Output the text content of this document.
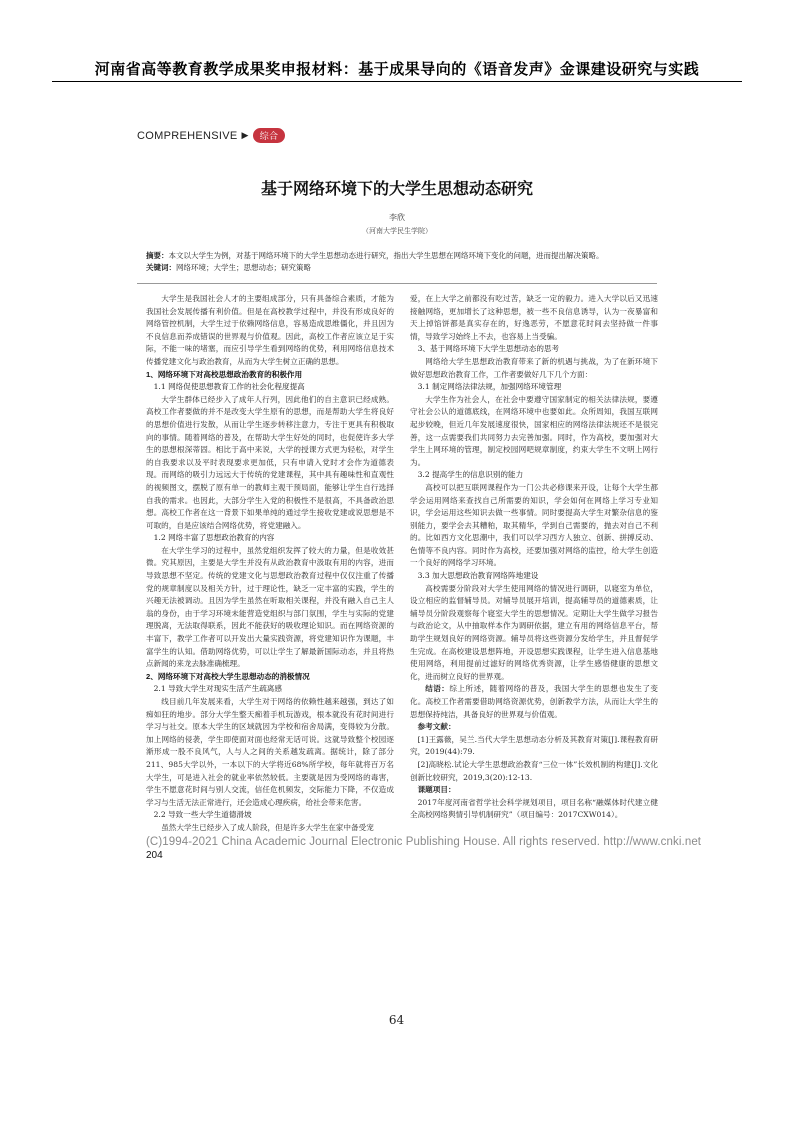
河南省高等教育教学成果奖申报材料：基于成果导向的《语音发声》金课建设研究与实践
COMPREHENSIVE ▶	综合
基于网络环境下的大学生思想动态研究
李欣
（河南大学民生学院）
摘要：本文以大学生为例，对基于网络环境下的大学生思想动态进行研究，指出大学生思想在网络环境下变化的问题，进而提出解决策略。
关键词：网络环境；大学生；思想动态；研究策略

大学生是我国社会人才的主要组成部分，只有具备综合素质，才能为我国社会发展传播有利价值。但是在高校教学过程中，并没有形成良好的网络管控机制，大学生过于依赖网络信息，容易造成思维僵化，并且因为不良信息而养成错误的世界观与价值观。因此，高校工作者应该立足于实际，不能一味的堵塞，而应引导学生看到网络的优势，利用网络信息技术传播党建文化与政治教育，从而为大学生树立正确的思想。

1、网络环境下对高校思想政治教育的积极作用

1.1 网络促使思想教育工作的社会化程度提高

大学生群体已经步入了成年人行列，因此他们的自主意识已经成熟。高校工作者要做的并不是改变大学生原有的思想，而是帮助大学生将良好的思想价值进行发散，从而让学生逐步转移注意力，专注于更具有积极取向的事情。随着网络的普及，在帮助大学生好处的同时，也促使许多大学生的思想根深蒂固。相比于高中来说，大学的授课方式更为轻松，对学生的自我要求以及平时表现要求更加低，只有申请入党时才会作为道德表现。而网络的吸引力远远大于传统的党建课程，其中具有趣味性和直观性的视频图文，摆脱了原有单一的教师主观干预局面，能够让学生自行选择自我的需求。也因此，大部分学生入党的积极性不是很高，不具备政治思想。高校工作者在这一背景下如果单纯的通过学生接收党建或说思想是不可取的，自是应该结合网络优势，将党建融入。

1.2 网络丰富了思想政治教育的内容

在大学生学习的过程中，虽然党组织发挥了较大的力量，但是收效甚微。究其原因，主要是大学生并没有从政治教育中汲取有用的内容，进而导致思想不坚定。传统的党建文化与思想政治教育过程中仅仅注重了传播党的规章制度以及相关方针，过于理论性，缺乏一定丰富的实践，学生的兴趣无法被调动。且因为学生虽然在听取相关课程，并没有融入自己主人翁的身份，由于学习环境未能营造党组织与部门氛围，学生与实际的党建理脱离，无法取得联系，因此不能获好的吸收理论知识。而在网络资源的丰富下，教学工作者可以开发出大量实践资源，将党建知识作为课题，丰富学生的认知。借助网络优势，可以让学生了解最新国际动态，并且将热点新闻的来龙去脉准确梳理。

2、网络环境下对高校大学生思想动态的消极情况

2.1 导致大学生对现实生活产生疏离感

线目前几年发展来看，大学生对于网络的依赖性越来越强，到达了如痴如狂的地步。部分大学生整天痴着手机玩游戏，根本就没有花时间进行学习与社交。原本大学生的区域就因为学校和宿舍局满，变得较为分散。加上网络的侵袭，学生即使面对面也经常无话可说。这就导致整个校园逐渐形成一股不良风气，人与人之间的关系越发疏离。据统计，除了部分211、985大学以外，一本以下的大学将近68%所学校，每年就将百万名大学生，可是进入社会的就业率依然较低。主要就是因为受网络的毒害，学生不愿意花时间与别人交流，信任危机频发，交际能力下降，不仅造成学习与生活无法正常进行，还会造成心理疾病，给社会带来危害。

2.2 导致一些大学生道德滑坡

虽然大学生已经步入了成人阶段，但是许多大学生在家中备受宠

爱，在上大学之前都没有吃过苦，缺乏一定的毅力。进入大学以后又迅速接触网络，更加增长了这种思想，被一些不良信息诱导，认为一夜暴富和天上掉馅饼都是真实存在的，好逸恶劳，不愿意花时间去坚持做一件事情，导致学习始终上不去，也容易上当受骗。

3、基于网络环境下大学生思想动态的思考

网络给大学生思想政治教育带来了新的机遇与挑战，为了在新环境下做好思想政治教育工作，工作者要做好几下几个方面：

3.1 制定网络法律法规，加强网络环境管理

大学生作为社会人，在社会中要遵守国家制定的相关法律法规，要遵守社会公认的道德底线，在网络环境中也要如此。众所周知，我国互联网起步较晚，但近几年发展速度很快，国家相应的网络法律法规还不是很完善，这一点需要我们共同努力去完善加强。同时，作为高校，要加强对大学生上网环境的管理，制定校园网吧规章制度，约束大学生不文明上网行为。

3.2 提高学生的信息识别的能力

高校可以把互联网课程作为一门公共必修课来开设，让每个大学生都学会运用网络来查找自己所需要的知识，学会如何在网络上学习专业知识，学会运用这些知识去做一些事情。同时要提高大学生对繁杂信息的鉴别能力，要学会去其糟粕，取其精华，学到自己需要的，抛去对自己不利的。比如西方文化思潮中，我们可以学习西方人独立、创新、拼搏反动、色情等不良内容。同时作为高校，还要加强对网络的监控，给大学生创造一个良好的网络学习环境。

3.3 加大思想政治教育网络阵地建设

高校需要分阶段对大学生使用网络的情况进行调研，以寝室为单位，设立相应的监督辅导员。对辅导员展开培训，提高辅导员的道德素质，让辅导员分阶段观察每个寝室大学生的思想情况。定期让大学生做学习报告与政治论文，从中抽取样本作为调研依据，建立有用的网络信息平台，帮助学生规划良好的网络资源。辅导员将这些资源分发给学生，并且督促学生完成。在高校建设思想阵地，开设思想实践课程，让学生进入信息基地使用网络，利用提前过滤好的网络优秀资源，让学生感悟健康的思想文化，进而树立良好的世界观。

结语：综上所述，随着网络的普及，我国大学生的思想也发生了变化。高校工作者需要借助网络资源优势，创新教学方法，从而让大学生的思想保持纯洁，具备良好的世界观与价值观。

参考文献：

[1]王露薇，吴兰.当代大学生思想动态分析及其教育对策[J].课程教育研究，2019(44):79.

[2]高晓松.试论大学生思想政治教育“三位一体”长效机制的构建[J].文化创新比较研究，2019,3(20):12-13.

课题项目：

2017年度河南省哲学社会科学规划项目，项目名称“融媒体时代建立健全高校网络舆情引导机制研究”（项目编号：2017CXW014）。

(C)1994-2021 China Academic Journal Electronic Publishing House. All rights reserved. http://www.cnki.net
204
64
